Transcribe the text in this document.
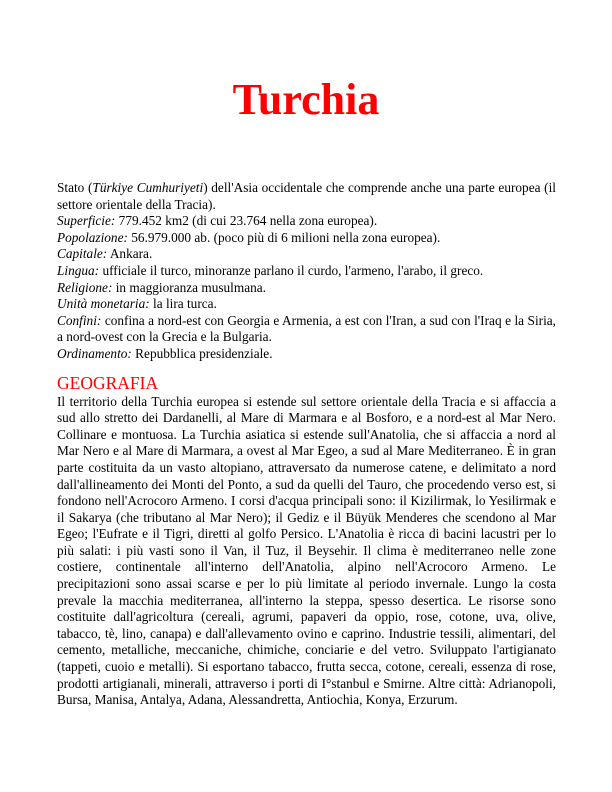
Turchia

Stato (Türkiye Cumhuriyeti) dell'Asia occidentale che comprende anche una parte europea (il settore orientale della Tracia).

Superficie: 779.452 km2 (di cui 23.764 nella zona europea).

Popolazione: 56.979.000 ab. (poco più di 6 milioni nella zona europea).

Capitale: Ankara.

Lingua: ufficiale il turco, minoranze parlano il curdo, l'armeno, l'arabo, il greco.

Religione: in maggioranza musulmana.

Unità monetaria: la lira turca.

Confini: confina a nord-est con Georgia e Armenia, a est con l'Iran, a sud con l'Iraq e la Siria, a nord-ovest con la Grecia e la Bulgaria.

Ordinamento: Repubblica presidenziale.

GEOGRAFIA

Il territorio della Turchia europea si estende sul settore orientale della Tracia e si affaccia a sud allo stretto dei Dardanelli, al Mare di Marmara e al Bosforo, e a nord-est al Mar Nero. Collinare e montuosa. La Turchia asiatica si estende sull'Anatolia, che si affaccia a nord al Mar Nero e al Mare di Marmara, a ovest al Mar Egeo, a sud al Mare Mediterraneo. È in gran parte costituita da un vasto altopiano, attraversato da numerose catene, e delimitato a nord dall'allineamento dei Monti del Ponto, a sud da quelli del Tauro, che procedendo verso est, si fondono nell'Acrocoro Armeno. I corsi d'acqua principali sono: il Kizilirmak, lo Yesilirmak e il Sakarya (che tributano al Mar Nero); il Gediz e il Büyük Menderes che scendono al Mar Egeo; l'Eufrate e il Tigri, diretti al golfo Persico. L'Anatolia è ricca di bacini lacustri per lo più salati: i più vasti sono il Van, il Tuz, il Beysehir. Il clima è mediterraneo nelle zone costiere, continentale all'interno dell'Anatolia, alpino nell'Acrocoro Armeno. Le precipitazioni sono assai scarse e per lo più limitate al periodo invernale. Lungo la costa prevale la macchia mediterranea, all'interno la steppa, spesso desertica. Le risorse sono costituite dall'agricoltura (cereali, agrumi, papaveri da oppio, rose, cotone, uva, olive, tabacco, tè, lino, canapa) e dall'allevamento ovino e caprino. Industrie tessili, alimentari, del cemento, metalliche, meccaniche, chimiche, conciarie e del vetro. Sviluppato l'artigianato (tappeti, cuoio e metalli). Si esportano tabacco, frutta secca, cotone, cereali, essenza di rose, prodotti artigianali, minerali, attraverso i porti di I°stanbul e Smirne. Altre città: Adrianopoli, Bursa, Manisa, Antalya, Adana, Alessandretta, Antiochia, Konya, Erzurum.
